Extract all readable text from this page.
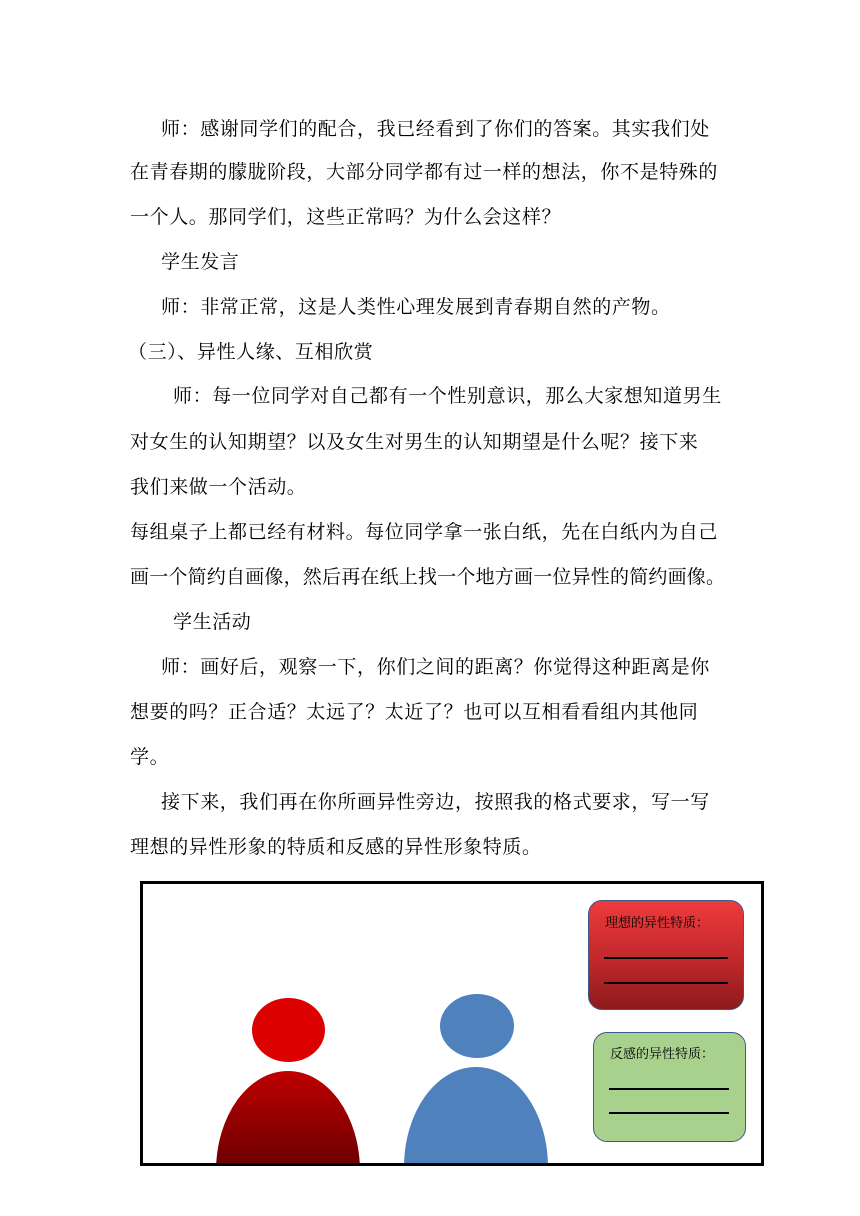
师：感谢同学们的配合，我已经看到了你们的答案。其实我们处
在青春期的朦胧阶段，大部分同学都有过一样的想法，你不是特殊的
一个人。那同学们，这些正常吗？为什么会这样？
学生发言
师：非常正常，这是人类性心理发展到青春期自然的产物。
（三）、异性人缘、互相欣赏
师：每一位同学对自己都有一个性别意识，那么大家想知道男生
对女生的认知期望？以及女生对男生的认知期望是什么呢？接下来
我们来做一个活动。
每组桌子上都已经有材料。每位同学拿一张白纸，先在白纸内为自己
画一个简约自画像，然后再在纸上找一个地方画一位异性的简约画像。
学生活动
师：画好后，观察一下，你们之间的距离？你觉得这种距离是你
想要的吗？正合适？太远了？太近了？也可以互相看看组内其他同
学。
接下来，我们再在你所画异性旁边，按照我的格式要求，写一写
理想的异性形象的特质和反感的异性形象特质。
理想的异性特质：
反感的异性特质：
